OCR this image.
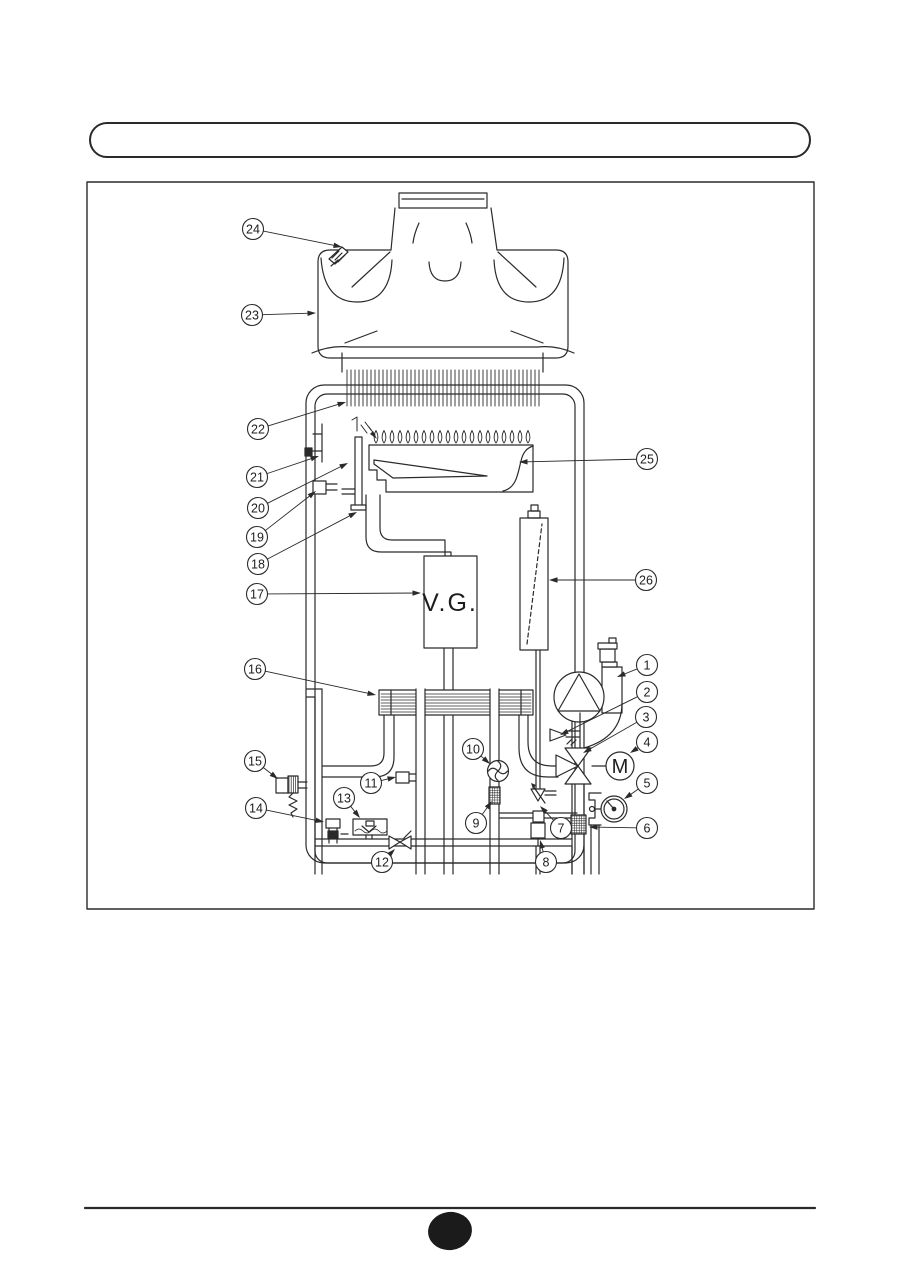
V.G.
M
1
2
3
4
5
6
7
8
9
10
11
12
13
14
15
16
17
18
19
20
21
22
23
24
25
26
